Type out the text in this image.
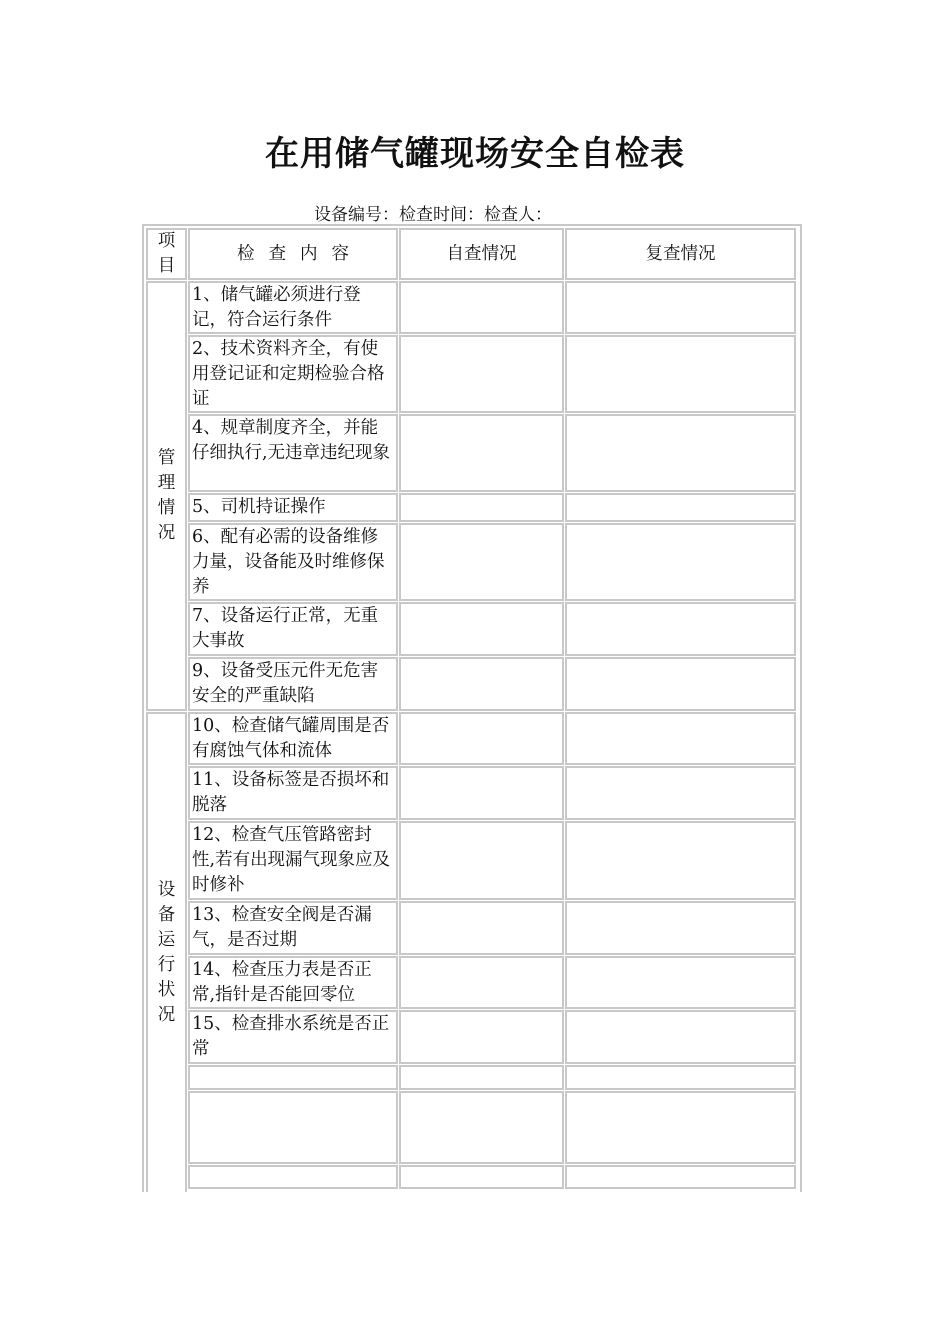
在用储气罐现场安全自检表
设备编号：检查时间：检查人：
项目
检查内容	自查情况	复查情况
管理情况
设备运行状况
1、储气罐必须进行登记，符合运行条件
2、技术资料齐全，有使用登记证和定期检验合格证
4、规章制度齐全，并能仔细执行,无违章违纪现象
5、司机持证操作
6、配有必需的设备维修力量，设备能及时维修保养
7、设备运行正常，无重大事故
9、设备受压元件无危害安全的严重缺陷
10、检查储气罐周围是否有腐蚀气体和流体
11、设备标签是否损坏和脱落
12、检查气压管路密封性,若有出现漏气现象应及时修补
13、检查安全阀是否漏气，是否过期
14、检查压力表是否正常,指针是否能回零位
15、检查排水系统是否正常
